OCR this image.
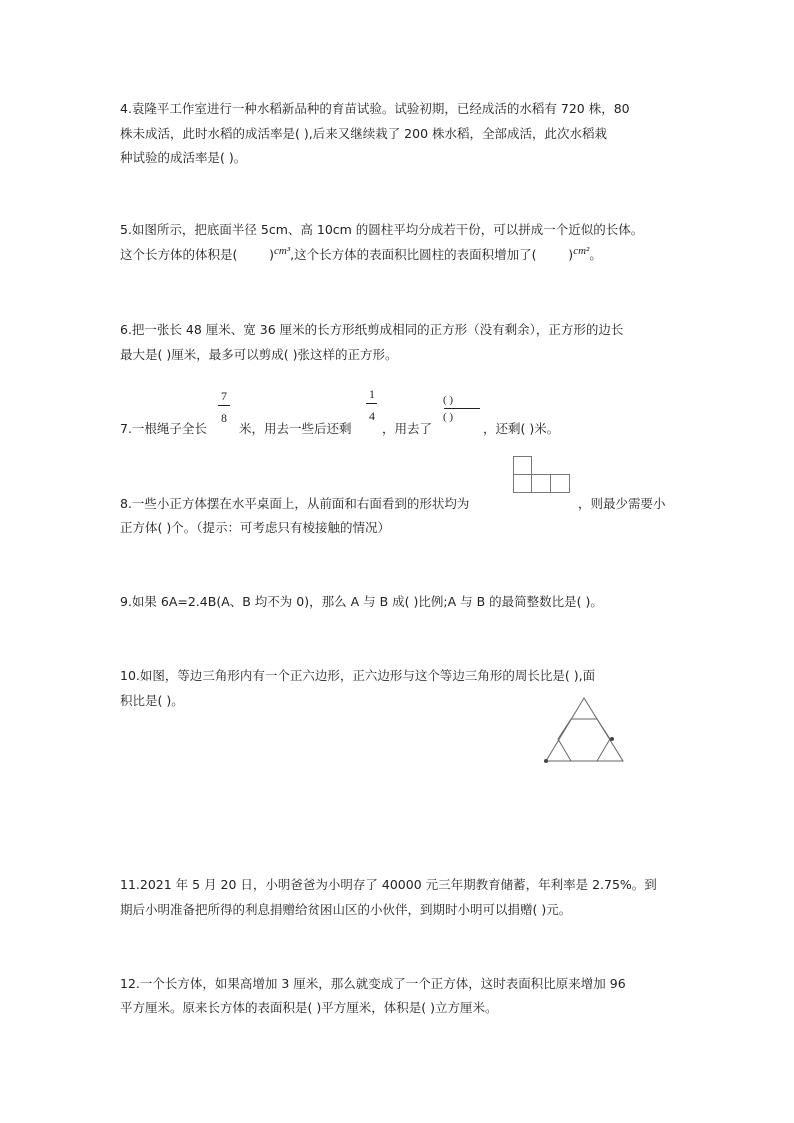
4.袁隆平工作室进行一种水稻新品种的育苗试验。试验初期，已经成活的水稻有 720 株，80
株未成活，此时水稻的成活率是( ),后来又继续栽了 200 株水稻，全部成活，此次水稻栽
种试验的成活率是( )。
5.如图所示，把底面半径 5cm、高 10cm 的圆柱平均分成若干份，可以拼成一个近似的长体。
这个长方体的体积是(        )cm³,这个长方体的表面积比圆柱的表面积增加了(        )cm²。
6.把一张长 48 厘米、宽 36 厘米的长方形纸剪成相同的正方形（没有剩余），正方形的边长
最大是( )厘米，最多可以剪成( )张这样的正方形。
7.一根绳子全长
7
8
米，用去一些后还剩
1
4
，用去了
( )
( )
，还剩( )米。
8.一些小正方体摆在水平桌面上，从前面和右面看到的形状均为	，则最少需要小
正方体( )个。（提示：可考虑只有棱接触的情况）
9.如果 6A=2.4B(A、B 均不为 0)，那么 A 与 B 成( )比例;A 与 B 的最简整数比是( )。
10.如图，等边三角形内有一个正六边形，正六边形与这个等边三角形的周长比是( ),面
积比是( )。
11.2021 年 5 月 20 日，小明爸爸为小明存了 40000 元三年期教育储蓄，年利率是 2.75%。到
期后小明准备把所得的利息捐赠给贫困山区的小伙伴，到期时小明可以捐赠( )元。
12.一个长方体，如果高增加 3 厘米，那么就变成了一个正方体，这时表面积比原来增加 96
平方厘米。原来长方体的表面积是( )平方厘米，体积是( )立方厘米。
